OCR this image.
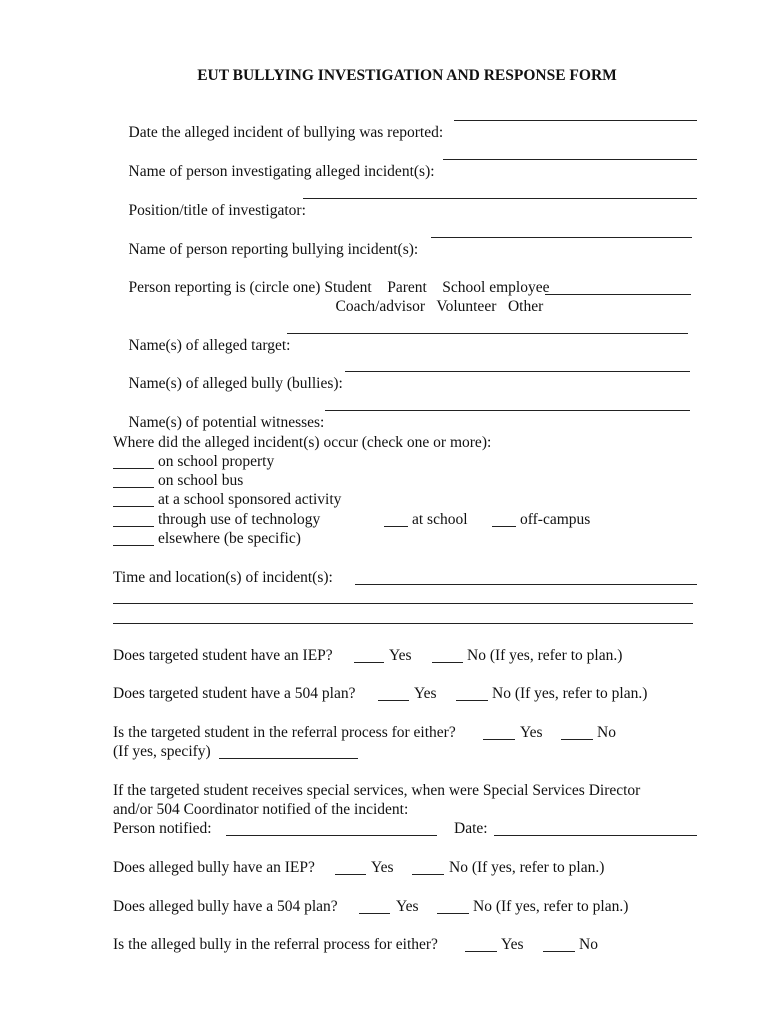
EUT BULLYING INVESTIGATION AND RESPONSE FORM

Date the alleged incident of bullying was reported:

Name of person investigating alleged incident(s):

Position/title of investigator:

Name of person reporting bullying incident(s):

Person reporting is (circle one) Student    Parent    School employee

Coach/advisor   Volunteer   Other

Name(s) of alleged target:

Name(s) of alleged bully (bullies):

Name(s) of potential witnesses:

Where did the alleged incident(s) occur (check one or more):
on school property
on school bus
at a school sponsored activity
through use of technology	at school	off-campus
elsewhere (be specific)
Time and location(s) of incident(s):
Does targeted student have an IEP?	Yes	No (If yes, refer to plan.)
Does targeted student have a 504 plan?	Yes	No (If yes, refer to plan.)
Is the targeted student in the referral process for either?	Yes	No
(If yes, specify)
If the targeted student receives special services, when were Special Services Director
and/or 504 Coordinator notified of the incident:
Person notified:	Date:
Does alleged bully have an IEP?	Yes	No (If yes, refer to plan.)
Does alleged bully have a 504 plan?	Yes	No (If yes, refer to plan.)
Is the alleged bully in the referral process for either?	Yes	No
